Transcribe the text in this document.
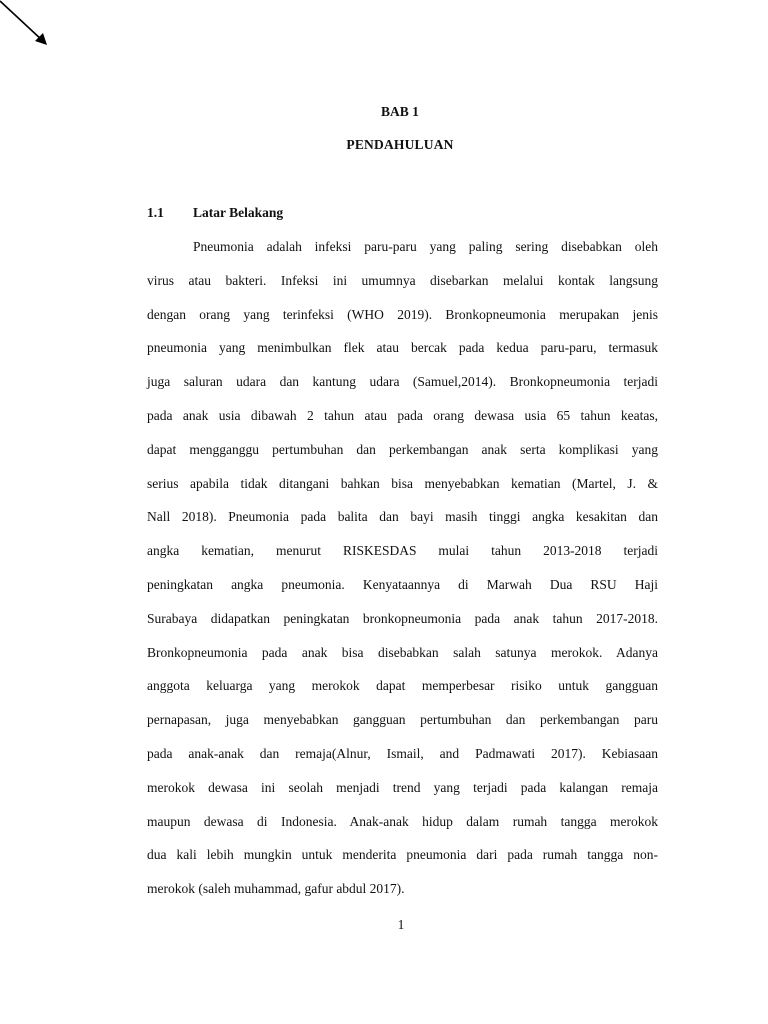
BAB 1
PENDAHULUAN
1.1 Latar Belakang
Pneumonia adalah infeksi paru-paru yang paling sering disebabkan oleh
virus atau bakteri. Infeksi ini umumnya disebarkan melalui kontak langsung
dengan orang yang terinfeksi (WHO 2019). Bronkopneumonia merupakan jenis
pneumonia yang menimbulkan flek atau bercak pada kedua paru-paru, termasuk
juga saluran udara dan kantung udara (Samuel,2014). Bronkopneumonia terjadi
pada anak usia dibawah 2 tahun atau pada orang dewasa usia 65 tahun keatas,
dapat mengganggu pertumbuhan dan perkembangan anak serta komplikasi yang
serius apabila tidak ditangani bahkan bisa menyebabkan kematian (Martel, J. &
Nall 2018). Pneumonia pada balita dan bayi masih tinggi angka kesakitan dan
angka kematian, menurut RISKESDAS mulai tahun 2013-2018 terjadi
peningkatan angka pneumonia. Kenyataannya di Marwah Dua RSU Haji
Surabaya didapatkan peningkatan bronkopneumonia pada anak tahun 2017-2018.
Bronkopneumonia pada anak bisa disebabkan salah satunya merokok. Adanya
anggota keluarga yang merokok dapat memperbesar risiko untuk gangguan
pernapasan, juga menyebabkan gangguan pertumbuhan dan perkembangan paru
pada anak-anak dan remaja(Alnur, Ismail, and Padmawati 2017). Kebiasaan
merokok dewasa ini seolah menjadi trend yang terjadi pada kalangan remaja
maupun dewasa di Indonesia. Anak-anak hidup dalam rumah tangga merokok
dua kali lebih mungkin untuk menderita pneumonia dari pada rumah tangga non-
merokok (saleh muhammad, gafur abdul 2017).
1
